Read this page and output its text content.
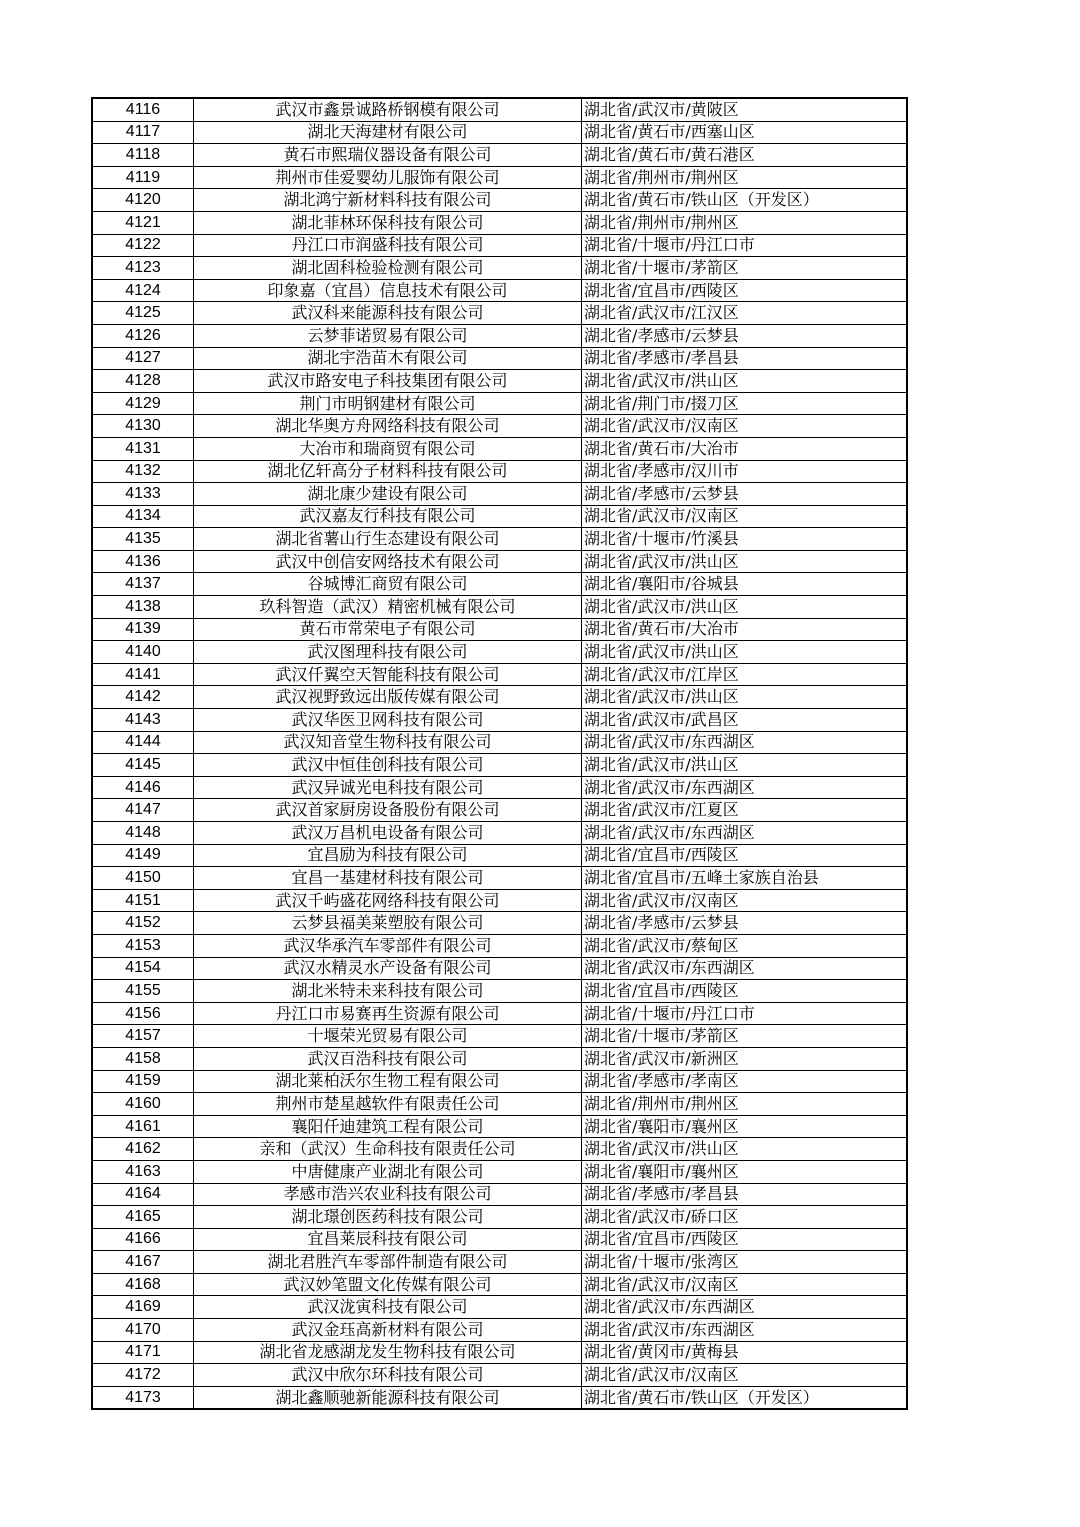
4116	武汉市鑫景诚路桥钢模有限公司	湖北省/武汉市/黄陂区
4117	湖北天海建材有限公司	湖北省/黄石市/西塞山区
4118	黄石市熙瑞仪器设备有限公司	湖北省/黄石市/黄石港区
4119	荆州市佳爱婴幼儿服饰有限公司	湖北省/荆州市/荆州区
4120	湖北鸿宁新材料科技有限公司	湖北省/黄石市/铁山区（开发区）
4121	湖北菲林环保科技有限公司	湖北省/荆州市/荆州区
4122	丹江口市润盛科技有限公司	湖北省/十堰市/丹江口市
4123	湖北固科检验检测有限公司	湖北省/十堰市/茅箭区
4124	印象嘉（宜昌）信息技术有限公司	湖北省/宜昌市/西陵区
4125	武汉科来能源科技有限公司	湖北省/武汉市/江汉区
4126	云梦菲诺贸易有限公司	湖北省/孝感市/云梦县
4127	湖北宇浩苗木有限公司	湖北省/孝感市/孝昌县
4128	武汉市路安电子科技集团有限公司	湖北省/武汉市/洪山区
4129	荆门市明钢建材有限公司	湖北省/荆门市/掇刀区
4130	湖北华奥方舟网络科技有限公司	湖北省/武汉市/汉南区
4131	大冶市和瑞商贸有限公司	湖北省/黄石市/大冶市
4132	湖北亿轩高分子材料科技有限公司	湖北省/孝感市/汉川市
4133	湖北康少建设有限公司	湖北省/孝感市/云梦县
4134	武汉嘉友行科技有限公司	湖北省/武汉市/汉南区
4135	湖北省薯山行生态建设有限公司	湖北省/十堰市/竹溪县
4136	武汉中创信安网络技术有限公司	湖北省/武汉市/洪山区
4137	谷城博汇商贸有限公司	湖北省/襄阳市/谷城县
4138	玖科智造（武汉）精密机械有限公司	湖北省/武汉市/洪山区
4139	黄石市常荣电子有限公司	湖北省/黄石市/大冶市
4140	武汉图理科技有限公司	湖北省/武汉市/洪山区
4141	武汉仟翼空天智能科技有限公司	湖北省/武汉市/江岸区
4142	武汉视野致远出版传媒有限公司	湖北省/武汉市/洪山区
4143	武汉华医卫网科技有限公司	湖北省/武汉市/武昌区
4144	武汉知音堂生物科技有限公司	湖北省/武汉市/东西湖区
4145	武汉中恒佳创科技有限公司	湖北省/武汉市/洪山区
4146	武汉异诚光电科技有限公司	湖北省/武汉市/东西湖区
4147	武汉首家厨房设备股份有限公司	湖北省/武汉市/江夏区
4148	武汉万昌机电设备有限公司	湖北省/武汉市/东西湖区
4149	宜昌励为科技有限公司	湖北省/宜昌市/西陵区
4150	宜昌一基建材科技有限公司	湖北省/宜昌市/五峰土家族自治县
4151	武汉千屿盛花网络科技有限公司	湖北省/武汉市/汉南区
4152	云梦县福美莱塑胶有限公司	湖北省/孝感市/云梦县
4153	武汉华承汽车零部件有限公司	湖北省/武汉市/蔡甸区
4154	武汉水精灵水产设备有限公司	湖北省/武汉市/东西湖区
4155	湖北米特未来科技有限公司	湖北省/宜昌市/西陵区
4156	丹江口市易赛再生资源有限公司	湖北省/十堰市/丹江口市
4157	十堰荣光贸易有限公司	湖北省/十堰市/茅箭区
4158	武汉百浩科技有限公司	湖北省/武汉市/新洲区
4159	湖北莱柏沃尔生物工程有限公司	湖北省/孝感市/孝南区
4160	荆州市楚星越软件有限责任公司	湖北省/荆州市/荆州区
4161	襄阳仟迪建筑工程有限公司	湖北省/襄阳市/襄州区
4162	亲和（武汉）生命科技有限责任公司	湖北省/武汉市/洪山区
4163	中唐健康产业湖北有限公司	湖北省/襄阳市/襄州区
4164	孝感市浩兴农业科技有限公司	湖北省/孝感市/孝昌县
4165	湖北璟创医药科技有限公司	湖北省/武汉市/硚口区
4166	宜昌莱辰科技有限公司	湖北省/宜昌市/西陵区
4167	湖北君胜汽车零部件制造有限公司	湖北省/十堰市/张湾区
4168	武汉妙笔盟文化传媒有限公司	湖北省/武汉市/汉南区
4169	武汉泷寅科技有限公司	湖北省/武汉市/东西湖区
4170	武汉金珏高新材料有限公司	湖北省/武汉市/东西湖区
4171	湖北省龙感湖龙发生物科技有限公司	湖北省/黄冈市/黄梅县
4172	武汉中欣尔环科技有限公司	湖北省/武汉市/汉南区
4173	湖北鑫顺驰新能源科技有限公司	湖北省/黄石市/铁山区（开发区）
